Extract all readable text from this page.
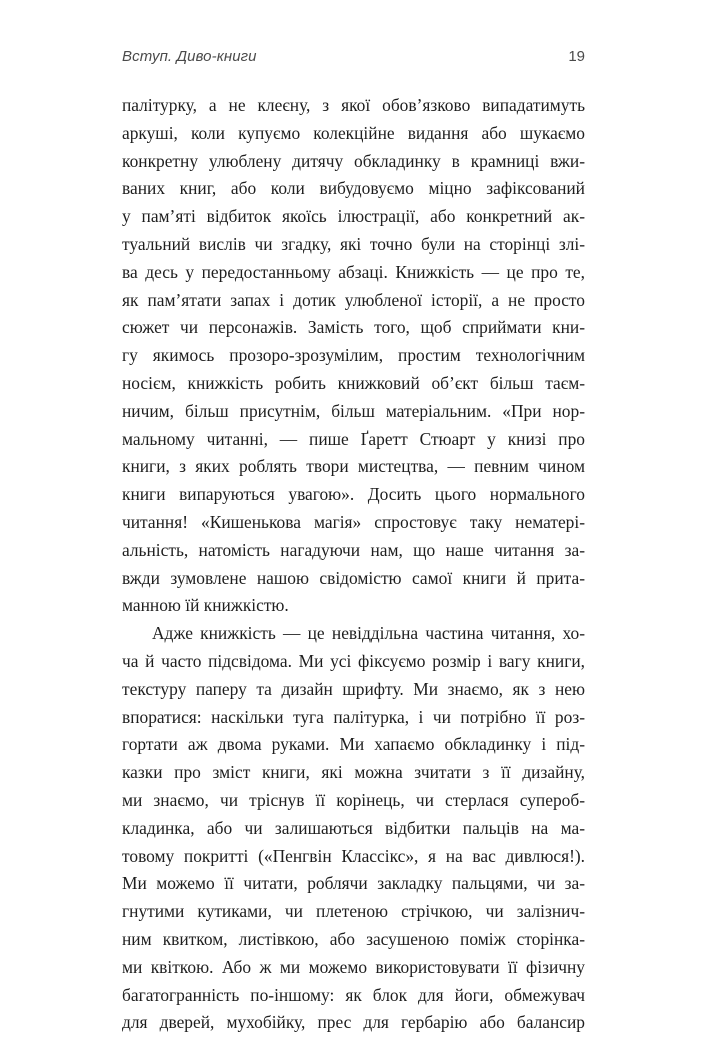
Вступ. Диво-книги	19
палітурку, а не клеєну, з якої обов’язково випадатимуть
аркуші, коли купуємо колекційне видання або шукаємо
конкретну улюблену дитячу обкладинку в крамниці вжи-
ваних книг, або коли вибудовуємо міцно зафіксований
у пам’яті відбиток якоїсь ілюстрації, або конкретний ак-
туальний вислів чи згадку, які точно були на сторінці злі-
ва десь у передостанньому абзаці. Книжкість — це про те,
як пам’ятати запах і дотик улюбленої історії, а не просто
сюжет чи персонажів. Замість того, щоб сприймати кни-
гу якимось прозоро-зрозумілим, простим технологічним
носієм, книжкість робить книжковий об’єкт більш таєм-
ничим, більш присутнім, більш матеріальним. «При нор-
мальному читанні, — пише Ґаретт Стюарт у книзі про
книги, з яких роблять твори мистецтва, — певним чином
книги випаруються увагою». Досить цього нормального
читання! «Кишенькова магія» спростовує таку нематері-
альність, натомість нагадуючи нам, що наше читання за-
вжди зумовлене нашою свідомістю самої книги й прита-
манною їй книжкістю.
Адже книжкість — це невіддільна частина читання, хо-
ча й часто підсвідома. Ми усі фіксуємо розмір і вагу книги,
текстуру паперу та дизайн шрифту. Ми знаємо, як з нею
впоратися: наскільки туга палітурка, і чи потрібно її роз-
гортати аж двома руками. Ми хапаємо обкладинку і під-
казки про зміст книги, які можна зчитати з її дизайну,
ми знаємо, чи тріснув її корінець, чи стерлася супероб-
кладинка, або чи залишаються відбитки пальців на ма-
товому покритті («Пенгвін Классікс», я на вас дивлюся!).
Ми можемо її читати, роблячи закладку пальцями, чи за-
гнутими кутиками, чи плетеною стрічкою, чи залізнич-
ним квитком, листівкою, або засушеною поміж сторінка-
ми квіткою. Або ж ми можемо використовувати її фізичну
багатогранність по-іншому: як блок для йоги, обмежувач
для дверей, мухобійку, прес для гербарію або балансир
